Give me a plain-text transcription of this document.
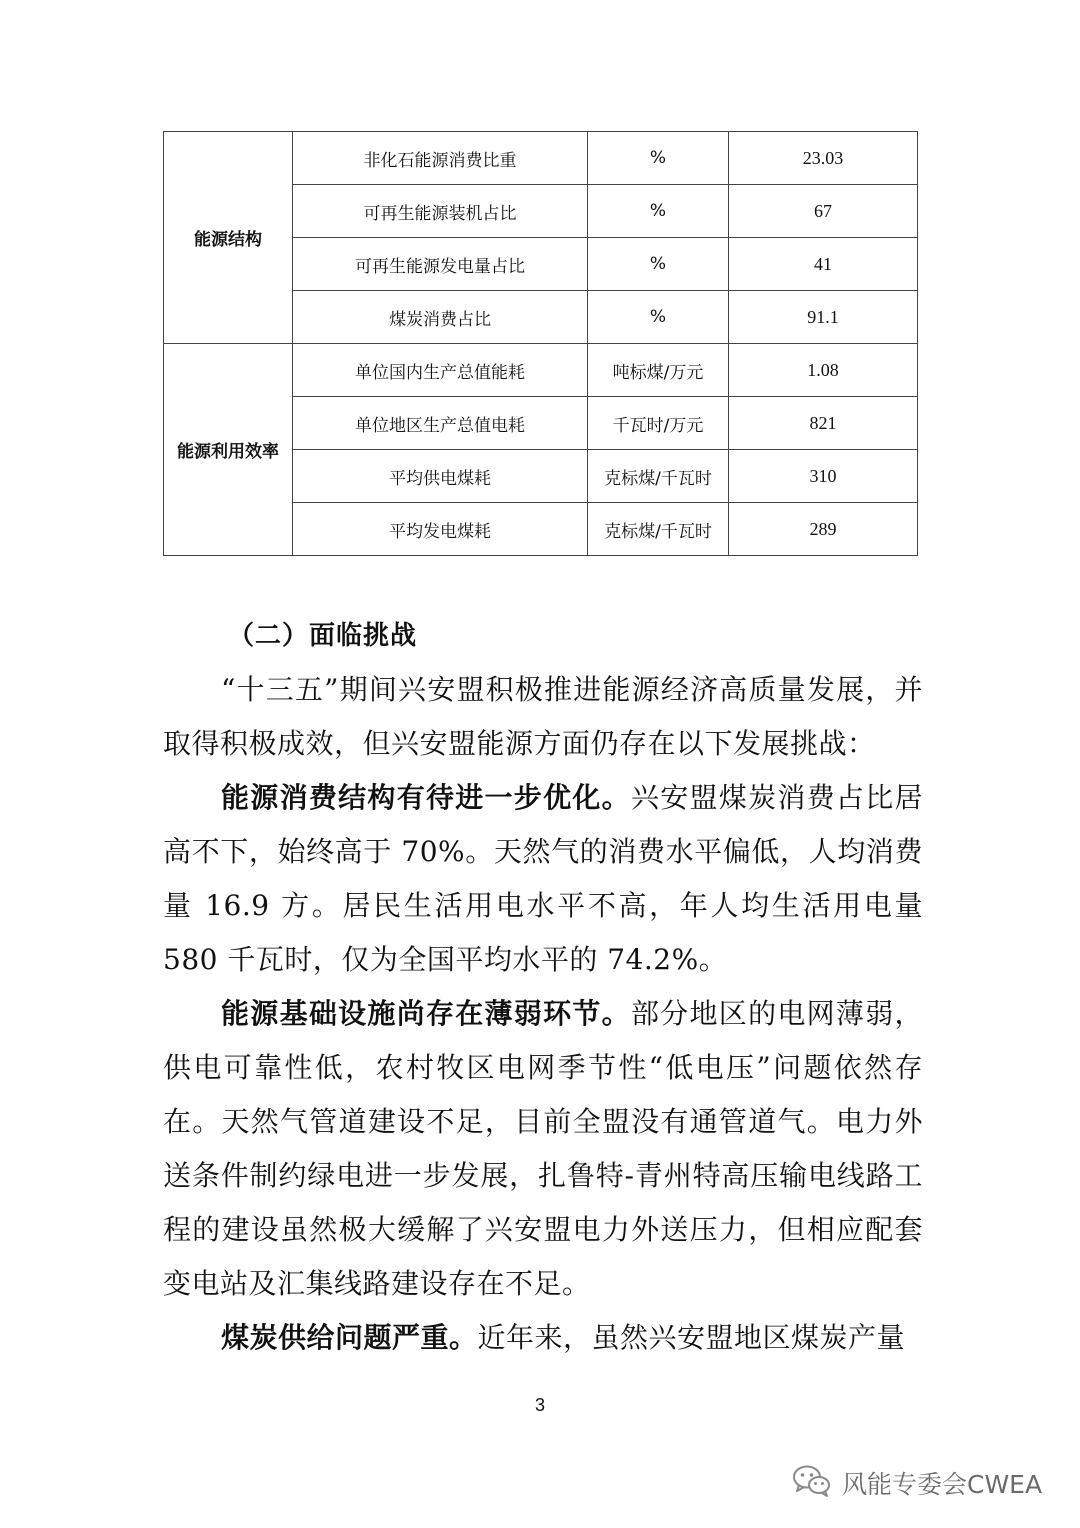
能源结构	非化石能源消费比重	%	23.03
	可再生能源装机占比	%	67
	可再生能源发电量占比	%	41
	煤炭消费占比	%	91.1
能源利用效率	单位国内生产总值能耗	吨标煤/万元	1.08
	单位地区生产总值电耗	千瓦时/万元	821
	平均供电煤耗	克标煤/千瓦时	310
	平均发电煤耗	克标煤/千瓦时	289
（二）面临挑战

“十三五”期间兴安盟积极推进能源经济高质量发展，并取得积极成效，但兴安盟能源方面仍存在以下发展挑战：

能源消费结构有待进一步优化。兴安盟煤炭消费占比居高不下，始终高于 70%。天然气的消费水平偏低，人均消费量 16.9 方。居民生活用电水平不高，年人均生活用电量 580 千瓦时，仅为全国平均水平的 74.2%。

能源基础设施尚存在薄弱环节。部分地区的电网薄弱，供电可靠性低，农村牧区电网季节性“低电压”问题依然存在。天然气管道建设不足，目前全盟没有通管道气。电力外送条件制约绿电进一步发展，扎鲁特-青州特高压输电线路工程的建设虽然极大缓解了兴安盟电力外送压力，但相应配套变电站及汇集线路建设存在不足。

煤炭供给问题严重。近年来，虽然兴安盟地区煤炭产量

3
风能专委会CWEA
